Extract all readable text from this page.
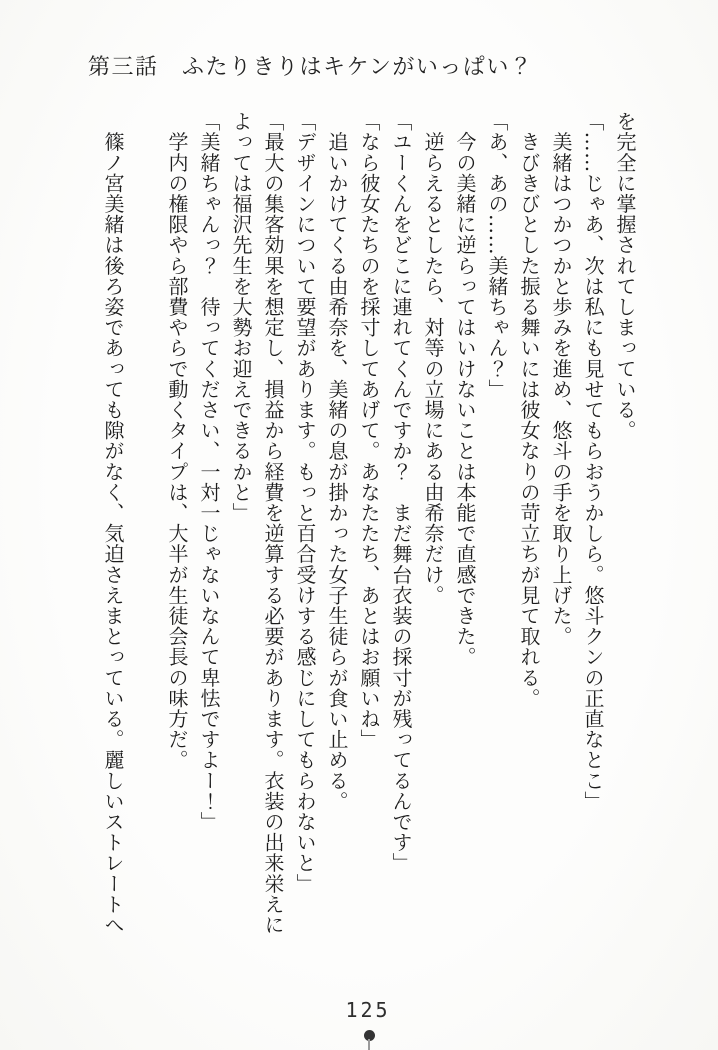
第三話　ふたりきりはキケンがいっぱい？

を完全に掌握されてしまっている。

「……じゃあ、次は私にも見せてもらおうかしら。悠斗クンの正直なとこ」

　美緒はつかつかと歩みを進め、悠斗の手を取り上げた。

　きびきびとした振る舞いには彼女なりの苛立ちが見て取れる。

「あ、あの……美緒ちゃん？」

　今の美緒に逆らってはいけないことは本能で直感できた。

　逆らえるとしたら、対等の立場にある由希奈だけ。

「ユーくんをどこに連れてくんですか？　まだ舞台衣装の採寸が残ってるんです」

「なら彼女たちのを採寸してあげて。あなたたち、あとはお願いね」

　追いかけてくる由希奈を、美緒の息が掛かった女子生徒らが食い止める。

「デザインについて要望があります。もっと百合受けする感じにしてもらわないと」

「最大の集客効果を想定し、損益から経費を逆算する必要があります。衣装の出来栄えによっては福沢先生を大勢お迎えできるかと」

「美緒ちゃんっ？　待ってください、一対一じゃないなんて卑怯ですよー！」

　学内の権限やら部費やらで動くタイプは、大半が生徒会長の味方だ。

　篠ノ宮美緒は後ろ姿であっても隙がなく、気迫さえまとっている。麗しいストレートへ

125
